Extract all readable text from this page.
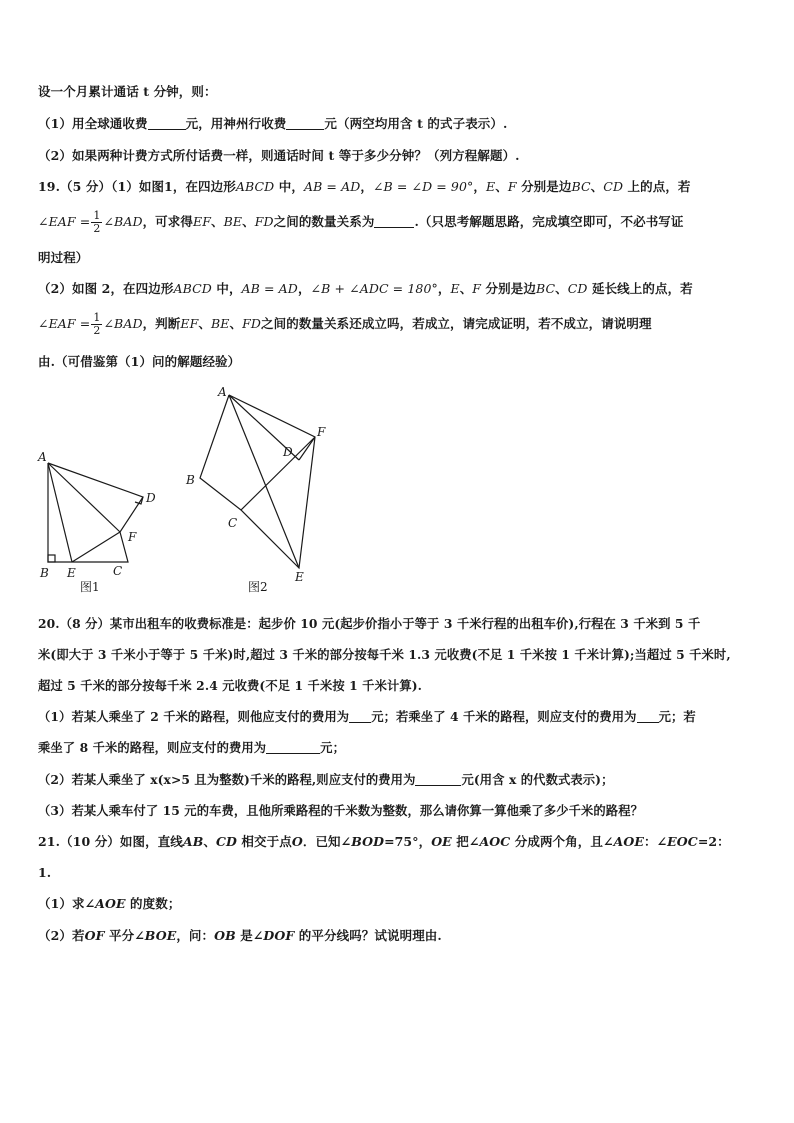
设一个月累计通话 t 分钟，则：
（1）用全球通收费	元，用神州行收费	元（两空均用含 t 的式子表示）.
（2）如果两种计费方式所付话费一样，则通话时间 t 等于多少分钟？（列方程解题）.
19.（5 分）（1）如图1，在四边形ABCD 中，AB = AD，∠B = ∠D = 90°，E、F 分别是边BC、CD 上的点，若
∠EAF = $\frac{1}{2}$ ∠BAD，可求得EF、BE、FD之间的数量关系为	.（只思考解题思路，完成填空即可，不必书写证
明过程）
（2）如图 2，在四边形ABCD 中，AB = AD，∠B + ∠ADC = 180°，E、F 分别是边BC、CD 延长线上的点，若
∠EAF = $\frac{1}{2}$ ∠BAD，判断EF、BE、FD之间的数量关系还成立吗，若成立，请完成证明，若不成立，请说明理
由.（可借鉴第（1）问的解题经验）
A
B E	C
D
F
图1
A
B
C
D
E
F
图2
20.（8 分）某市出租车的收费标准是：起步价 10 元(起步价指小于等于 3 千米行程的出租车价),行程在 3 千米到 5 千
米(即大于 3 千米小于等于 5 千米)时,超过 3 千米的部分按每千米 1.3 元收费(不足 1 千米按 1 千米计算);当超过 5 千米时,
超过 5 千米的部分按每千米 2.4 元收费(不足 1 千米按 1 千米计算).
（1）若某人乘坐了 2 千米的路程，则他应支付的费用为 元；若乘坐了 4 千米的路程，则应支付的费用为 元；若
乘坐了 8 千米的路程，则应支付的费用为	元；
（2）若某人乘坐了 x(x>5 且为整数)千米的路程,则应支付的费用为	元(用含 x 的代数式表示)；
（3）若某人乘车付了 15 元的车费，且他所乘路程的千米数为整数，那么请你算一算他乘了多少千米的路程？
21.（10 分）如图，直线AB、CD 相交于点O．已知∠BOD=75°，OE 把∠AOC 分成两个角，且∠AOE：∠EOC=2：
1.
（1）求∠AOE 的度数；
（2）若OF 平分∠BOE，问：OB 是∠DOF 的平分线吗？试说明理由.
